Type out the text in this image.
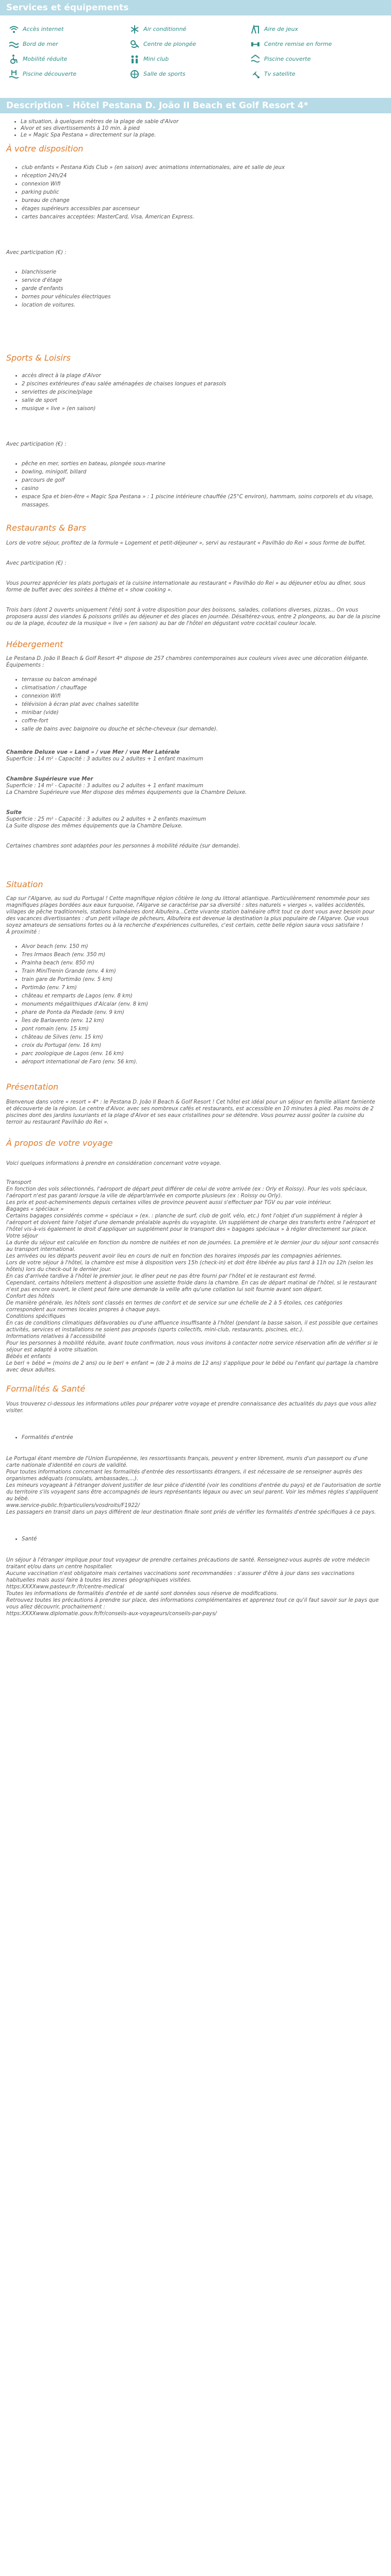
Services et équipements
Accès internet	Air conditionné	Aire de jeux
Bord de mer	Centre de plongée	Centre remise en forme
Mobilité réduite	Mini club	Piscine couverte
Piscine découverte	Salle de sports	Tv satellite
Description - Hôtel Pestana D. João II Beach et Golf Resort 4*
• La situation, à quelques mètres de la plage de sable d'Alvor
• Alvor et ses divertissements à 10 min. à pied
• Le « Magic Spa Pestana » directement sur la plage.
À votre disposition
• club enfants « Pestana Kids Club » (en saison) avec animations internationales, aire et salle de jeux
• réception 24h/24
• connexion Wifi
• parking public
• bureau de change
• étages supérieurs accessibles par ascenseur
• cartes bancaires acceptées: MasterCard, Visa, American Express.

Avec participation (€) :

• blanchisserie
• service d'étage
• garde d'enfants
• bornes pour véhicules électriques
• location de voitures.
Sports & Loisirs
• accès direct à la plage d'Alvor
• 2 piscines extérieures d'eau salée aménagées de chaises longues et parasols
• serviettes de piscine/plage
• salle de sport
• musique « live » (en saison)

Avec participation (€) :

• pêche en mer, sorties en bateau, plongée sous-marine
• bowling, minigolf, billard
• parcours de golf
• casino
• espace Spa et bien-être « Magic Spa Pestana » : 1 piscine intérieure chauffée (25°C environ), hammam, soins corporels et du visage, massages.
Restaurants & Bars

Lors de votre séjour, profitez de la formule « Logement et petit-déjeuner », servi au restaurant « Pavilhão do Rei » sous forme de buffet.

Avec participation (€) :

Vous pourrez apprécier les plats portugais et la cuisine internationale au restaurant « Pavilhão do Rei » au déjeuner et/ou au dîner, sous forme de buffet avec des soirées à thème et « show cooking ».

Trois bars (dont 2 ouverts uniquement l'été) sont à votre disposition pour des boissons, salades, collations diverses, pizzas... On vous proposera aussi des viandes & poissons grillés au déjeuner et des glaces en journée. Désaltérez-vous, entre 2 plongeons, au bar de la piscine ou de la plage, écoutez de la musique « live » (en saison) au bar de l'hôtel en dégustant votre cocktail couleur locale.

Hébergement

Le Pestana D. João II Beach & Golf Resort 4* dispose de 257 chambres contemporaines aux couleurs vives avec une décoration élégante.

Équipements :

• terrasse ou balcon aménagé
• climatisation / chauffage
• connexion Wifi
• télévision à écran plat avec chaînes satellite
• minibar (vide)
• coffre-fort
• salle de bains avec baignoire ou douche et sèche-cheveux (sur demande).

Chambre Deluxe vue « Land » / vue Mer / vue Mer Latérale

Superficie : 14 m² - Capacité : 3 adultes ou 2 adultes + 1 enfant maximum

Chambre Supérieure vue Mer

Superficie : 14 m² - Capacité : 3 adultes ou 2 adultes + 1 enfant maximum

La Chambre Supérieure vue Mer dispose des mêmes équipements que la Chambre Deluxe.

Suite

Superficie : 25 m² - Capacité : 3 adultes ou 2 adultes + 2 enfants maximum

La Suite dispose des mêmes équipements que la Chambre Deluxe.

Certaines chambres sont adaptées pour les personnes à mobilité réduite (sur demande).

Situation

Cap sur l'Algarve, au sud du Portugal ! Cette magnifique région côtière le long du littoral atlantique. Particulièrement renommée pour ses magnifiques plages bordées aux eaux turquoise, l'Algarve se caractérise par sa diversité : sites naturels « vierges », vallées accidentés, villages de pêche traditionnels, stations balnéaires dont Albufeira...Cette vivante station balnéaire offrit tout ce dont vous avez besoin pour des vacances divertissantes : d'un petit village de pêcheurs, Albufeira est devenue la destination la plus populaire de l'Algarve. Que vous soyez amateurs de sensations fortes ou à la recherche d'expériences culturelles, c'est certain, cette belle région saura vous satisfaire !

À proximité :

• Alvor beach (env. 150 m)
• Tres Irmaos Beach (env. 350 m)
• Prainha beach (env. 850 m)
• Train MiniTrenin Grande (env. 4 km)
• train gare de Portimão (env. 5 km)
• Portimão (env. 7 km)
• château et remparts de Lagos (env. 8 km)
• monuments mégalithiques d'Alcalar (env. 8 km)
• phare de Ponta da Piedade (env. 9 km)
• Îles de Barlavento (env. 12 km)
• pont romain (env. 15 km)
• château de Silves (env. 15 km)
• croix du Portugal (env. 16 km)
• parc zoologique de Lagos (env. 16 km)
• aéroport international de Faro (env. 56 km).
Présentation

Bienvenue dans votre « resort » 4* : le Pestana D. João II Beach & Golf Resort ! Cet hôtel est idéal pour un séjour en famille alliant farniente et découverte de la région. Le centre d'Alvor, avec ses nombreux cafés et restaurants, est accessible en 10 minutes à pied. Pas moins de 2 piscines dont des jardins luxuriants et la plage d'Alvor et ses eaux cristallines pour se détendre. Vous pourrez aussi goûter la cuisine du terroir au restaurant Pavilhão do Rei ».

À propos de votre voyage

Voici quelques informations à prendre en considération concernant votre voyage.

Transport

En fonction des vols sélectionnés, l'aéroport de départ peut différer de celui de votre arrivée (ex : Orly et Roissy). Pour les vols spéciaux, l'aéroport n'est pas garanti lorsque la ville de départ/arrivée en comporte plusieurs (ex : Roissy ou Orly).

Les prix et post-acheminements depuis certaines villes de province peuvent aussi s'effectuer par TGV ou par voie intérieur.

Bagages « spéciaux »

Certains bagages considérés comme « spéciaux » (ex. : planche de surf, club de golf, vélo, etc.) font l'objet d'un supplément à régler à l'aéroport et doivent faire l'objet d'une demande préalable auprès du voyagiste. Un supplément de charge des transferts entre l'aéroport et l'hôtel vis-à-vis également le droit d'appliquer un supplément pour le transport des « bagages spéciaux » à régler directement sur place.

Votre séjour

La durée du séjour est calculée en fonction du nombre de nuitées et non de journées. La première et le dernier jour du séjour sont consacrés au transport international.

Les arrivées ou les départs peuvent avoir lieu en cours de nuit en fonction des horaires imposés par les compagnies aériennes.

Lors de votre séjour à l'hôtel, la chambre est mise à disposition vers 15h (check-in) et doit être libérée au plus tard à 11h ou 12h (selon les hôtels) lors du check-out le dernier jour.

En cas d'arrivée tardive à l'hôtel le premier jour, le dîner peut ne pas être fourni par l'hôtel et le restaurant est fermé.

Cependant, certains hôteliers mettent à disposition une assiette froide dans la chambre. En cas de départ matinal de l'hôtel, si le restaurant n'est pas encore ouvert, le client peut faire une demande la veille afin qu'une collation lui soit fournie avant son départ.

Confort des hôtels

De manière générale, les hôtels sont classés en termes de confort et de service sur une échelle de 2 à 5 étoiles, ces catégories correspondent aux normes locales propres à chaque pays.

Conditions spécifiques

En cas de conditions climatiques défavorables ou d'une affluence insuffisante à l'hôtel (pendant la basse saison, il est possible que certaines activités, services et installations ne soient pas proposés (sports collectifs, mini-club, restaurants, piscines, etc.).

Informations relatives à l'accessibilité

Pour les personnes à mobilité réduite, avant toute confirmation, nous vous invitons à contacter notre service réservation afin de vérifier si le séjour est adapté à votre situation.

Bébés et enfants

Le berl + bébé = (moins de 2 ans) ou le berl + enfant = (de 2 à moins de 12 ans) s'applique pour le bébé ou l'enfant qui partage la chambre avec deux adultes.

Formalités & Santé

Vous trouverez ci-dessous les informations utiles pour préparer votre voyage et prendre connaissance des actualités du pays que vous allez visiter.

• Formalités d'entrée

Le Portugal étant membre de l'Union Européenne, les ressortissants français, peuvent y entrer librement, munis d'un passeport ou d'une carte nationale d'identité en cours de validité.

Pour toutes informations concernant les formalités d'entrée des ressortissants étrangers, il est nécessaire de se renseigner auprès des organismes adéquats (consulats, ambassades,...).

Les mineurs voyageant à l'étranger doivent justifier de leur pièce d'identité (voir les conditions d'entrée du pays) et de l'autorisation de sortie du territoire s'ils voyagent sans être accompagnés de leurs représentants légaux ou avec un seul parent. Voir les mêmes règles s'appliquent au bébé.

www.service-public.fr/particuliers/vosdroits/F1922/

Les passagers en transit dans un pays différent de leur destination finale sont priés de vérifier les formalités d'entrée spécifiques à ce pays.

• Santé

Un séjour à l'étranger implique pour tout voyageur de prendre certaines précautions de santé. Renseignez-vous auprès de votre médecin traitant et/ou dans un centre hospitalier.

Aucune vaccination n'est obligatoire mais certaines vaccinations sont recommandées : s'assurer d'être à jour dans ses vaccinations habituelles mais aussi faire à toutes les zones géographiques visitées.

https:XXXXwww.pasteur.fr /fr/centre-medical

Toutes les informations de formalités d'entrée et de santé sont données sous réserve de modifications.

Retrouvez toutes les précautions à prendre sur place, des informations complémentaires et apprenez tout ce qu'il faut savoir sur le pays que vous allez découvrir, prochainement :

https:XXXXwww.diplomatie.gouv.fr/fr/conseils-aux-voyageurs/conseils-par-pays/
